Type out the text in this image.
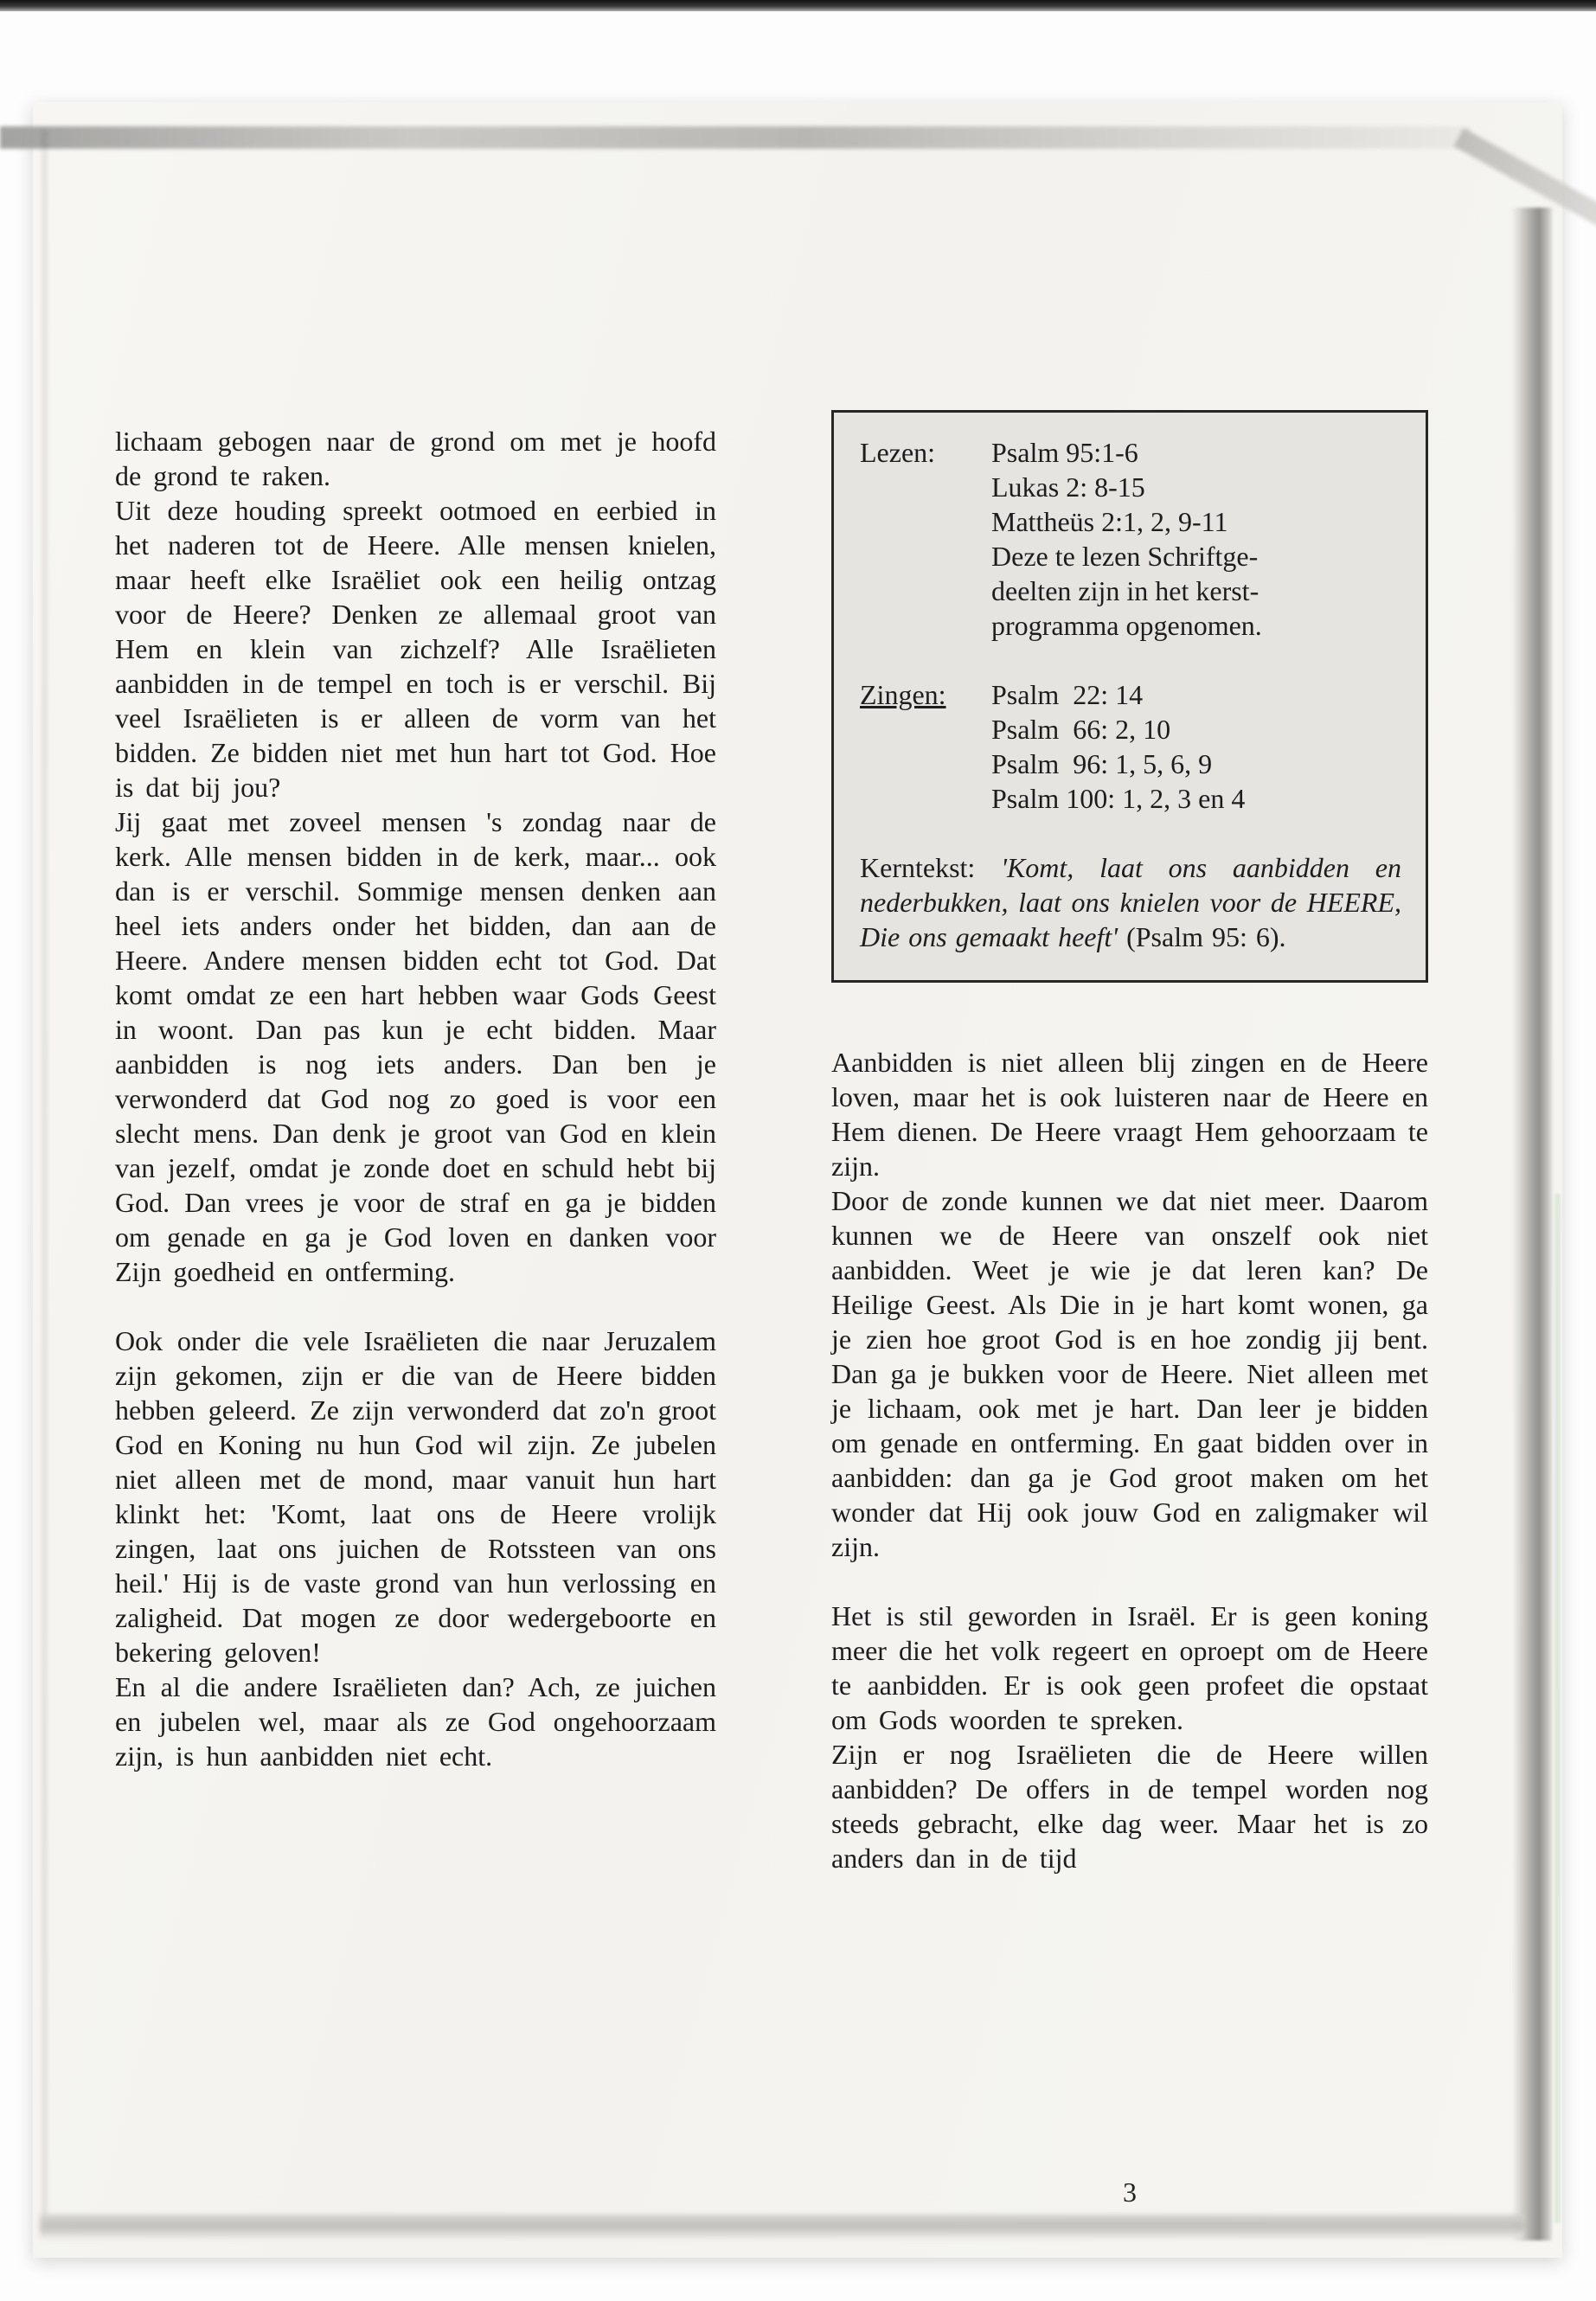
lichaam gebogen naar de grond om met je hoofd de grond te raken.

Uit deze houding spreekt ootmoed en eerbied in het naderen tot de Heere. Alle mensen knielen, maar heeft elke Israëliet ook een heilig ontzag voor de Heere? Denken ze allemaal groot van Hem en klein van zichzelf? Alle Israëlieten aanbidden in de tempel en toch is er verschil. Bij veel Israëlieten is er alleen de vorm van het bidden. Ze bidden niet met hun hart tot God. Hoe is dat bij jou?

Jij gaat met zoveel mensen 's zondag naar de kerk. Alle mensen bidden in de kerk, maar... ook dan is er verschil. Sommige mensen denken aan heel iets anders onder het bidden, dan aan de Heere. Andere mensen bidden echt tot God. Dat komt omdat ze een hart hebben waar Gods Geest in woont. Dan pas kun je echt bidden. Maar aanbidden is nog iets anders. Dan ben je verwonderd dat God nog zo goed is voor een slecht mens. Dan denk je groot van God en klein van jezelf, omdat je zonde doet en schuld hebt bij God. Dan vrees je voor de straf en ga je bidden om genade en ga je God loven en danken voor Zijn goedheid en ontferming.

Ook onder die vele Israëlieten die naar Jeruzalem zijn gekomen, zijn er die van de Heere bidden hebben geleerd. Ze zijn verwonderd dat zo'n groot God en Koning nu hun God wil zijn. Ze jubelen niet alleen met de mond, maar vanuit hun hart klinkt het: 'Komt, laat ons de Heere vrolijk zingen, laat ons juichen de Rotssteen van ons heil.' Hij is de vaste grond van hun verlossing en zaligheid. Dat mogen ze door wedergeboorte en bekering geloven!

En al die andere Israëlieten dan? Ach, ze juichen en jubelen wel, maar als ze God ongehoorzaam zijn, is hun aanbidden niet echt.

Lezen:	Psalm 95:1-6
Lukas 2: 8-15
Mattheüs 2:1, 2, 9-11
Deze te lezen Schriftge-
deelten zijn in het kerst-
programma opgenomen.
Zingen:	Psalm  22: 14
Psalm  66: 2, 10
Psalm  96: 1, 5, 6, 9
Psalm 100: 1, 2, 3 en 4
Kerntekst: 'Komt, laat ons aanbidden en nederbukken, laat ons knielen voor de HEERE, Die ons gemaakt heeft' (Psalm 95: 6).

Aanbidden is niet alleen blij zingen en de Heere loven, maar het is ook luisteren naar de Heere en Hem dienen. De Heere vraagt Hem gehoorzaam te zijn.

Door de zonde kunnen we dat niet meer. Daarom kunnen we de Heere van onszelf ook niet aanbidden. Weet je wie je dat leren kan? De Heilige Geest. Als Die in je hart komt wonen, ga je zien hoe groot God is en hoe zondig jij bent. Dan ga je bukken voor de Heere. Niet alleen met je lichaam, ook met je hart. Dan leer je bidden om genade en ontferming. En gaat bidden over in aanbidden: dan ga je God groot maken om het wonder dat Hij ook jouw God en zaligmaker wil zijn.

Het is stil geworden in Israël. Er is geen koning meer die het volk regeert en oproept om de Heere te aanbidden. Er is ook geen profeet die opstaat om Gods woorden te spreken.

Zijn er nog Israëlieten die de Heere willen aanbidden? De offers in de tempel worden nog steeds gebracht, elke dag weer. Maar het is zo anders dan in de tijd

3
